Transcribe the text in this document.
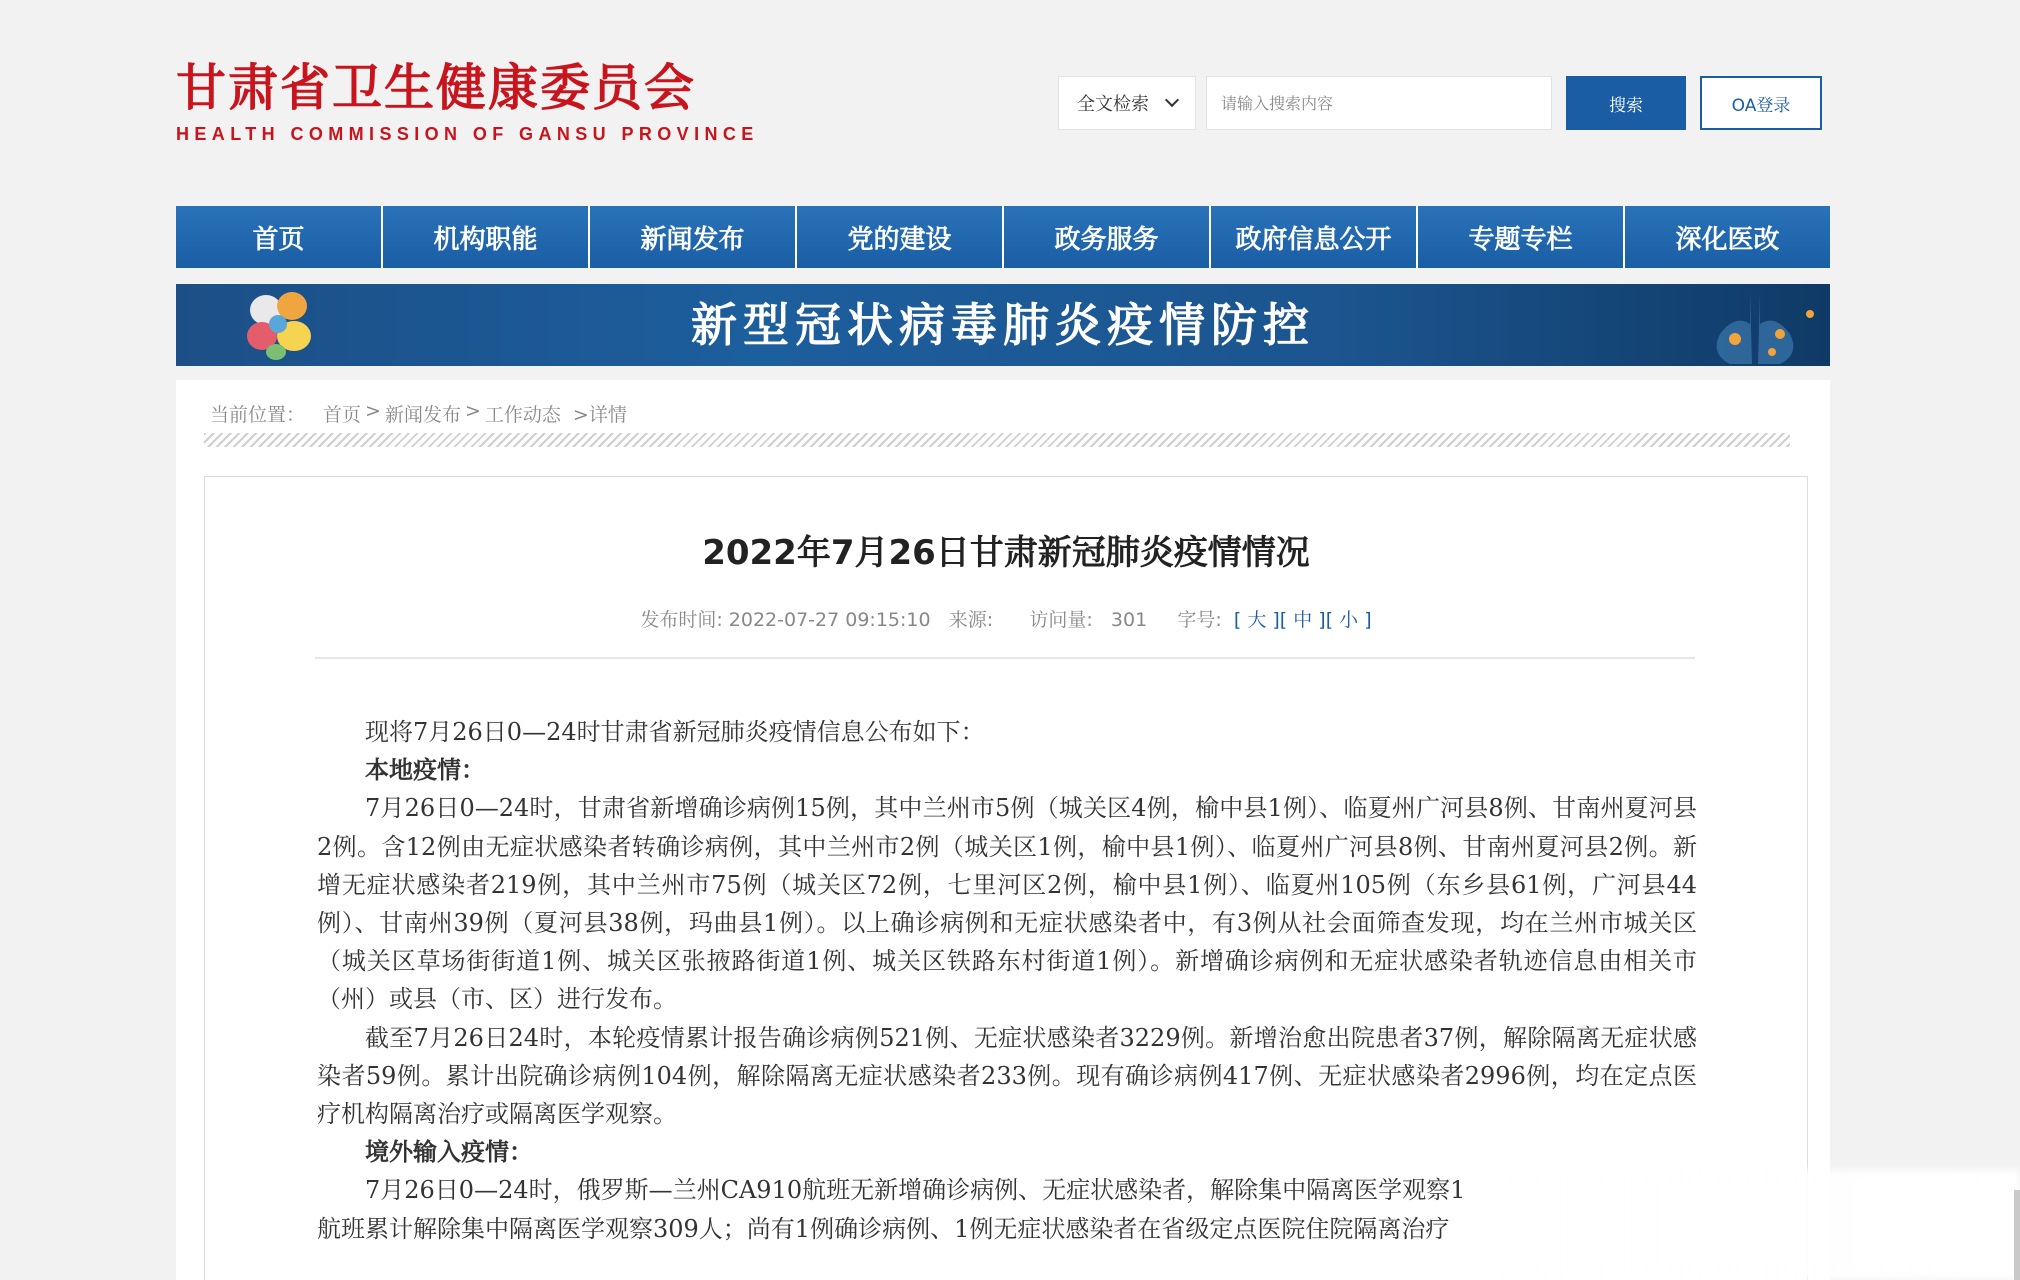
甘肃省卫生健康委员会
HEALTH COMMISSION OF GANSU PROVINCE
全文检索
请输入搜索内容	搜索	OA登录
首页	机构职能	新闻发布	党的建设	政务服务	政府信息公开	专题专栏	深化医改
新型冠状病毒肺炎疫情防控
当前位置： 首页 > 新闻发布 > 工作动态 >详情
2022年7月26日甘肃新冠肺炎疫情情况
发布时间: 2022-07-27 09:15:10 来源: 访问量: 301 字号:  [ 大 ][ 中 ][ 小 ]

现将7月26日0—24时甘肃省新冠肺炎疫情信息公布如下：

本地疫情：

7月26日0—24时，甘肃省新增确诊病例15例，其中兰州市5例（城关区4例，榆中县1例）、临夏州广河县8例、甘南州夏河县2例。含12例由无症状感染者转确诊病例，其中兰州市2例（城关区1例，榆中县1例）、临夏州广河县8例、甘南州夏河县2例。新增无症状感染者219例，其中兰州市75例（城关区72例，七里河区2例，榆中县1例）、临夏州105例（东乡县61例，广河县44例）、甘南州39例（夏河县38例，玛曲县1例）。以上确诊病例和无症状感染者中，有3例从社会面筛查发现，均在兰州市城关区（城关区草场街街道1例、城关区张掖路街道1例、城关区铁路东村街道1例）。新增确诊病例和无症状感染者轨迹信息由相关市（州）或县（市、区）进行发布。

截至7月26日24时，本轮疫情累计报告确诊病例521例、无症状感染者3229例。新增治愈出院患者37例，解除隔离无症状感染者59例。累计出院确诊病例104例，解除隔离无症状感染者233例。现有确诊病例417例、无症状感染者2996例，均在定点医疗机构隔离治疗或隔离医学观察。

境外输入疫情：

7月26日0—24时，俄罗斯—兰州CA910航班无新增确诊病例、无症状感染者，解除集中隔离医学观察1

航班累计解除集中隔离医学观察309人；尚有1例确诊病例、1例无症状感染者在省级定点医院住院隔离治疗
